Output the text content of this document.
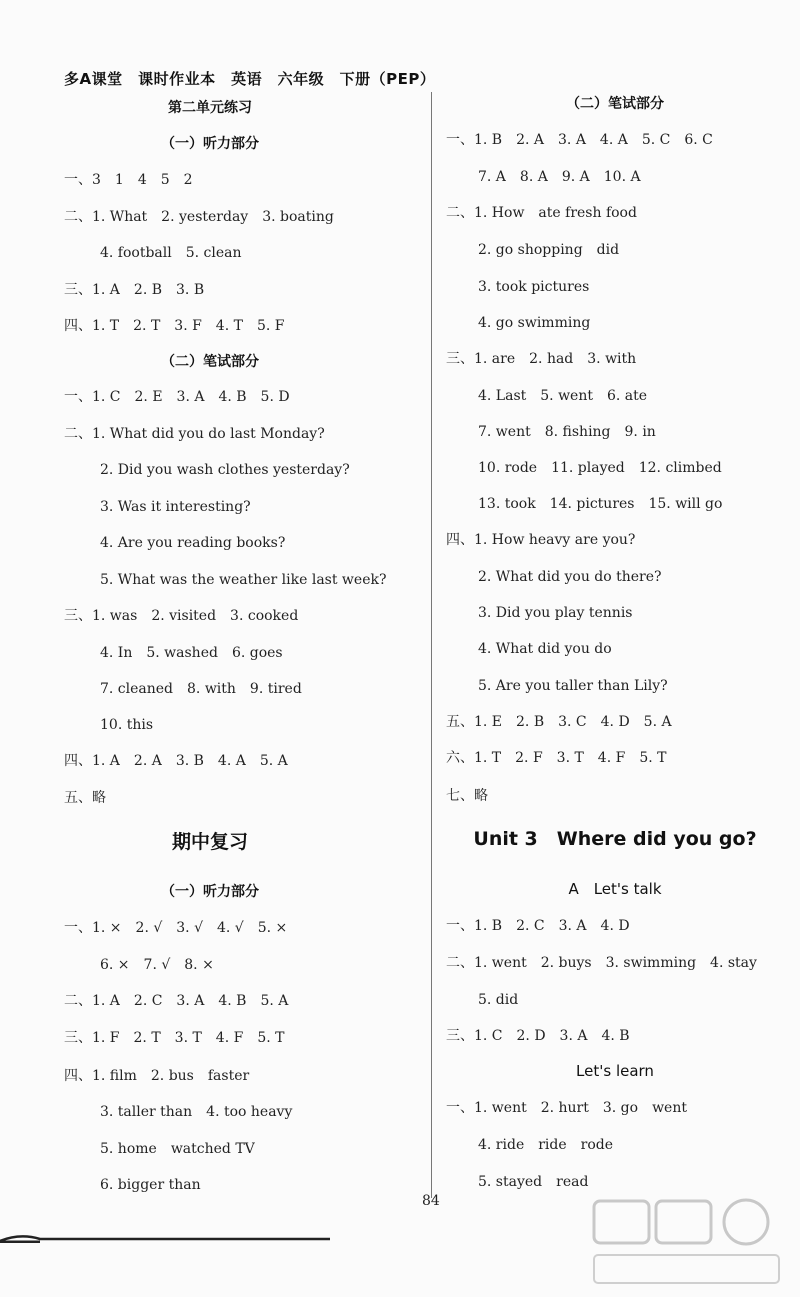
多A课堂　课时作业本　英语　六年级　下册（PEP）
第二单元练习
（一）听力部分
一、3　1　4　5　2
二、1. What　2. yesterday　3. boating
4. football　5. clean
三、1. A　2. B　3. B
四、1. T　2. T　3. F　4. T　5. F
（二）笔试部分
一、1. C　2. E　3. A　4. B　5. D
二、1. What did you do last Monday?
2. Did you wash clothes yesterday?
3. Was it interesting?
4. Are you reading books?
5. What was the weather like last week?
三、1. was　2. visited　3. cooked
4. In　5. washed　6. goes
7. cleaned　8. with　9. tired
10. this
四、1. A　2. A　3. B　4. A　5. A
五、略
期中复习
（一）听力部分
一、1. ×　2. √　3. √　4. √　5. ×
6. ×　7. √　8. ×
二、1. A　2. C　3. A　4. B　5. A
三、1. F　2. T　3. T　4. F　5. T
四、1. film　2. bus　faster
3. taller than　4. too heavy
5. home　watched TV
6. bigger than
（二）笔试部分
一、1. B　2. A　3. A　4. A　5. C　6. C
7. A　8. A　9. A　10. A
二、1. How　ate fresh food
2. go shopping　did
3. took pictures
4. go swimming
三、1. are　2. had　3. with
4. Last　5. went　6. ate
7. went　8. fishing　9. in
10. rode　11. played　12. climbed
13. took　14. pictures　15. will go
四、1. How heavy are you?
2. What did you do there?
3. Did you play tennis
4. What did you do
5. Are you taller than Lily?
五、1. E　2. B　3. C　4. D　5. A
六、1. T　2. F　3. T　4. F　5. T
七、略
Unit 3　Where did you go?
A　Let's talk
一、1. B　2. C　3. A　4. D
二、1. went　2. buys　3. swimming　4. stay
5. did
三、1. C　2. D　3. A　4. B
Let's learn
一、1. went　2. hurt　3. go　went
4. ride　ride　rode
5. stayed　read
84
